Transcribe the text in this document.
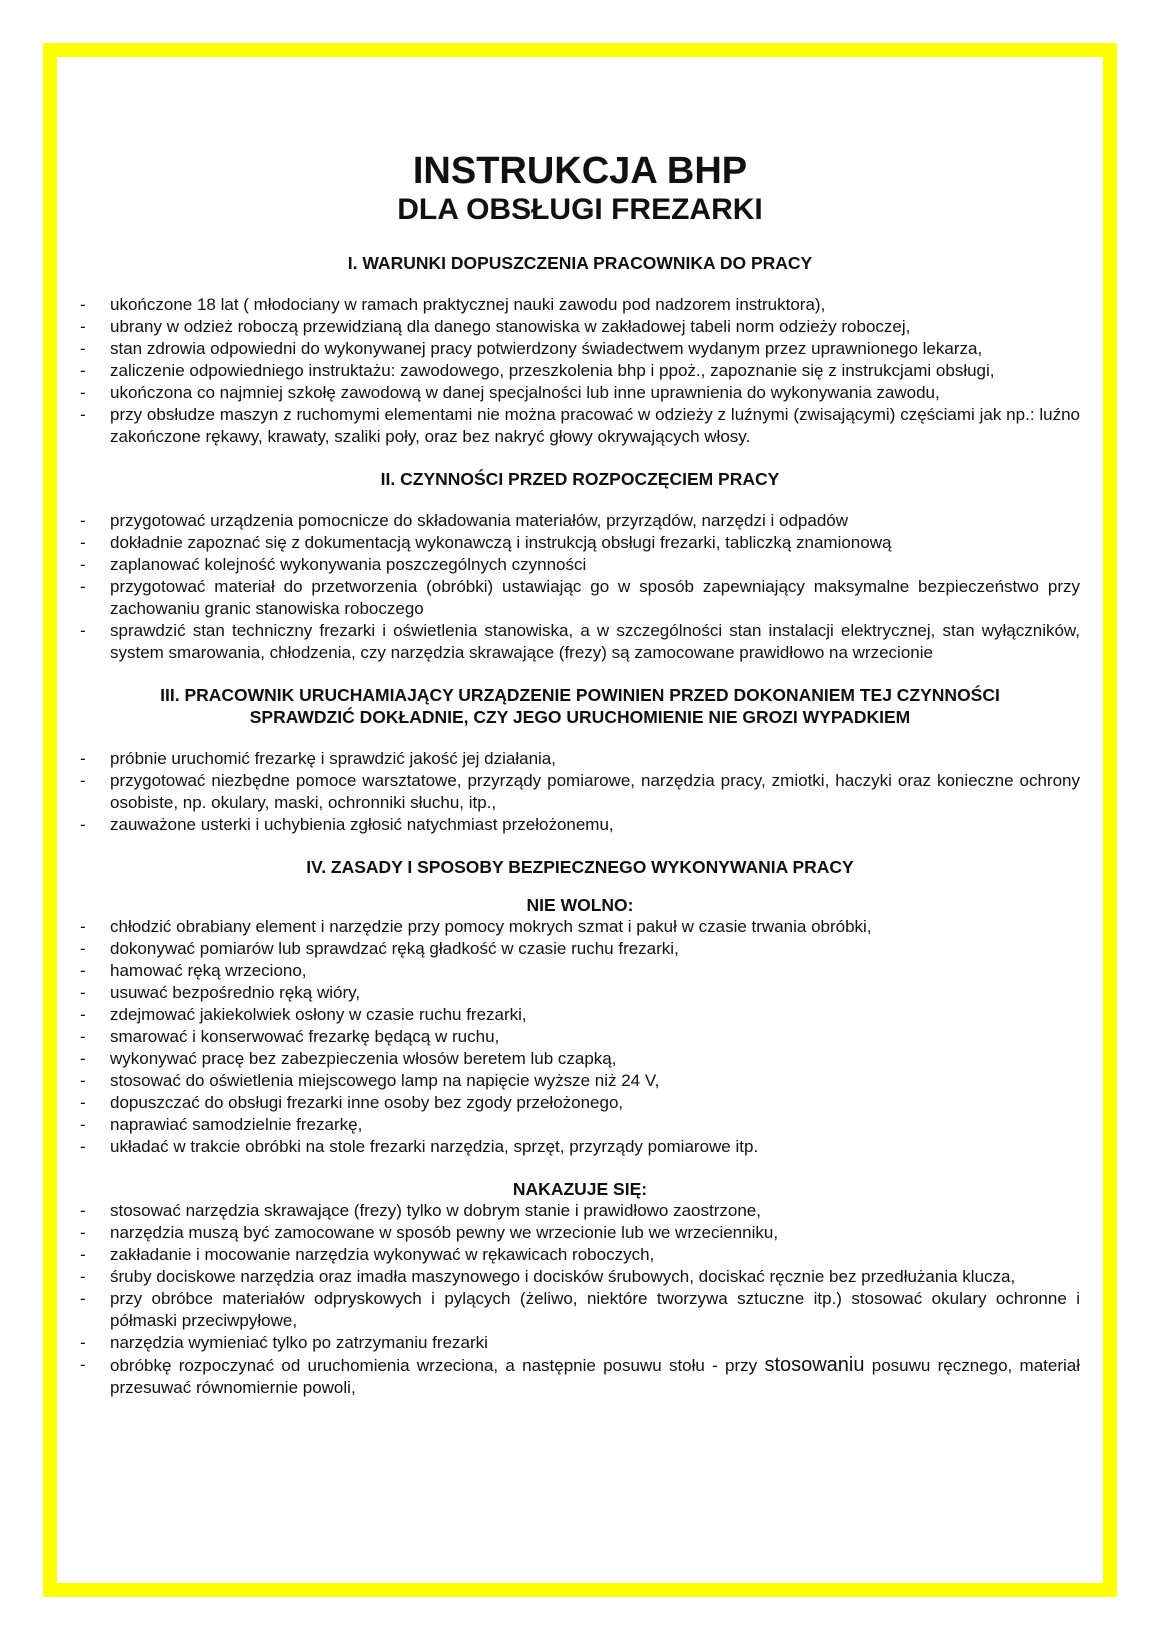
INSTRUKCJA BHP
DLA OBSŁUGI FREZARKI
I. WARUNKI DOPUSZCZENIA PRACOWNIKA DO PRACY
- ukończone 18 lat ( młodociany w ramach praktycznej nauki zawodu pod nadzorem instruktora),
- ubrany w odzież roboczą przewidzianą dla danego stanowiska w zakładowej tabeli norm odzieży roboczej,
- stan zdrowia odpowiedni do wykonywanej pracy potwierdzony świadectwem wydanym przez uprawnionego lekarza,
- zaliczenie odpowiedniego instruktażu: zawodowego, przeszkolenia bhp i ppoż., zapoznanie się z instrukcjami obsługi,
- ukończona co najmniej szkołę zawodową w danej specjalności lub inne uprawnienia do wykonywania zawodu,
- przy obsłudze maszyn z ruchomymi elementami nie można pracować w odzieży z luźnymi (zwisającymi) częściami jak np.: luźno zakończone rękawy, krawaty, szaliki poły, oraz bez nakryć głowy okrywających włosy.
II. CZYNNOŚCI PRZED ROZPOCZĘCIEM PRACY
- przygotować urządzenia pomocnicze do składowania materiałów, przyrządów, narzędzi i odpadów
- dokładnie zapoznać się z dokumentacją wykonawczą i instrukcją obsługi frezarki, tabliczką znamionową
- zaplanować kolejność wykonywania poszczególnych czynności
- przygotować materiał do przetworzenia (obróbki) ustawiając go w sposób zapewniający maksymalne bezpieczeństwo przy zachowaniu granic stanowiska roboczego
- sprawdzić stan techniczny frezarki i oświetlenia stanowiska, a w szczególności stan instalacji elektrycznej, stan wyłączników, system smarowania, chłodzenia, czy narzędzia skrawające (frezy) są zamocowane prawidłowo na wrzecionie
III. PRACOWNIK URUCHAMIAJĄCY URZĄDZENIE POWINIEN PRZED DOKONANIEM TEJ CZYNNOŚCI
SPRAWDZIĆ DOKŁADNIE, CZY JEGO URUCHOMIENIE NIE GROZI WYPADKIEM
- próbnie uruchomić frezarkę i sprawdzić jakość jej działania,
- przygotować niezbędne pomoce warsztatowe, przyrządy pomiarowe, narzędzia pracy, zmiotki, haczyki oraz konieczne ochrony osobiste, np. okulary, maski, ochronniki słuchu, itp.,
- zauważone usterki i uchybienia zgłosić natychmiast przełożonemu,
IV. ZASADY I SPOSOBY BEZPIECZNEGO WYKONYWANIA PRACY
NIE WOLNO:
- chłodzić obrabiany element i narzędzie przy pomocy mokrych szmat i pakuł w czasie trwania obróbki,
- dokonywać pomiarów lub sprawdzać ręką gładkość w czasie ruchu frezarki,
- hamować ręką wrzeciono,
- usuwać bezpośrednio ręką wióry,
- zdejmować jakiekolwiek osłony w czasie ruchu frezarki,
- smarować i konserwować frezarkę będącą w ruchu,
- wykonywać pracę bez zabezpieczenia włosów beretem lub czapką,
- stosować do oświetlenia miejscowego lamp na napięcie wyższe niż 24 V,
- dopuszczać do obsługi frezarki inne osoby bez zgody przełożonego,
- naprawiać samodzielnie frezarkę,
- układać w trakcie obróbki na stole frezarki narzędzia, sprzęt, przyrządy pomiarowe itp.
NAKAZUJE SIĘ:
- stosować narzędzia skrawające (frezy) tylko w dobrym stanie i prawidłowo zaostrzone,
- narzędzia muszą być zamocowane w sposób pewny we wrzecionie lub we wrzecienniku,
- zakładanie i mocowanie narzędzia wykonywać w rękawicach roboczych,
- śruby dociskowe narzędzia oraz imadła maszynowego i docisków śrubowych, dociskać ręcznie bez przedłużania klucza,
- przy obróbce materiałów odpryskowych i pylących (żeliwo, niektóre tworzywa sztuczne itp.) stosować okulary ochronne i półmaski przeciwpyłowe,
- narzędzia wymieniać tylko po zatrzymaniu frezarki
- obróbkę rozpoczynać od uruchomienia wrzeciona, a następnie posuwu stołu - przy stosowaniu posuwu ręcznego, materiał przesuwać równomiernie powoli,
